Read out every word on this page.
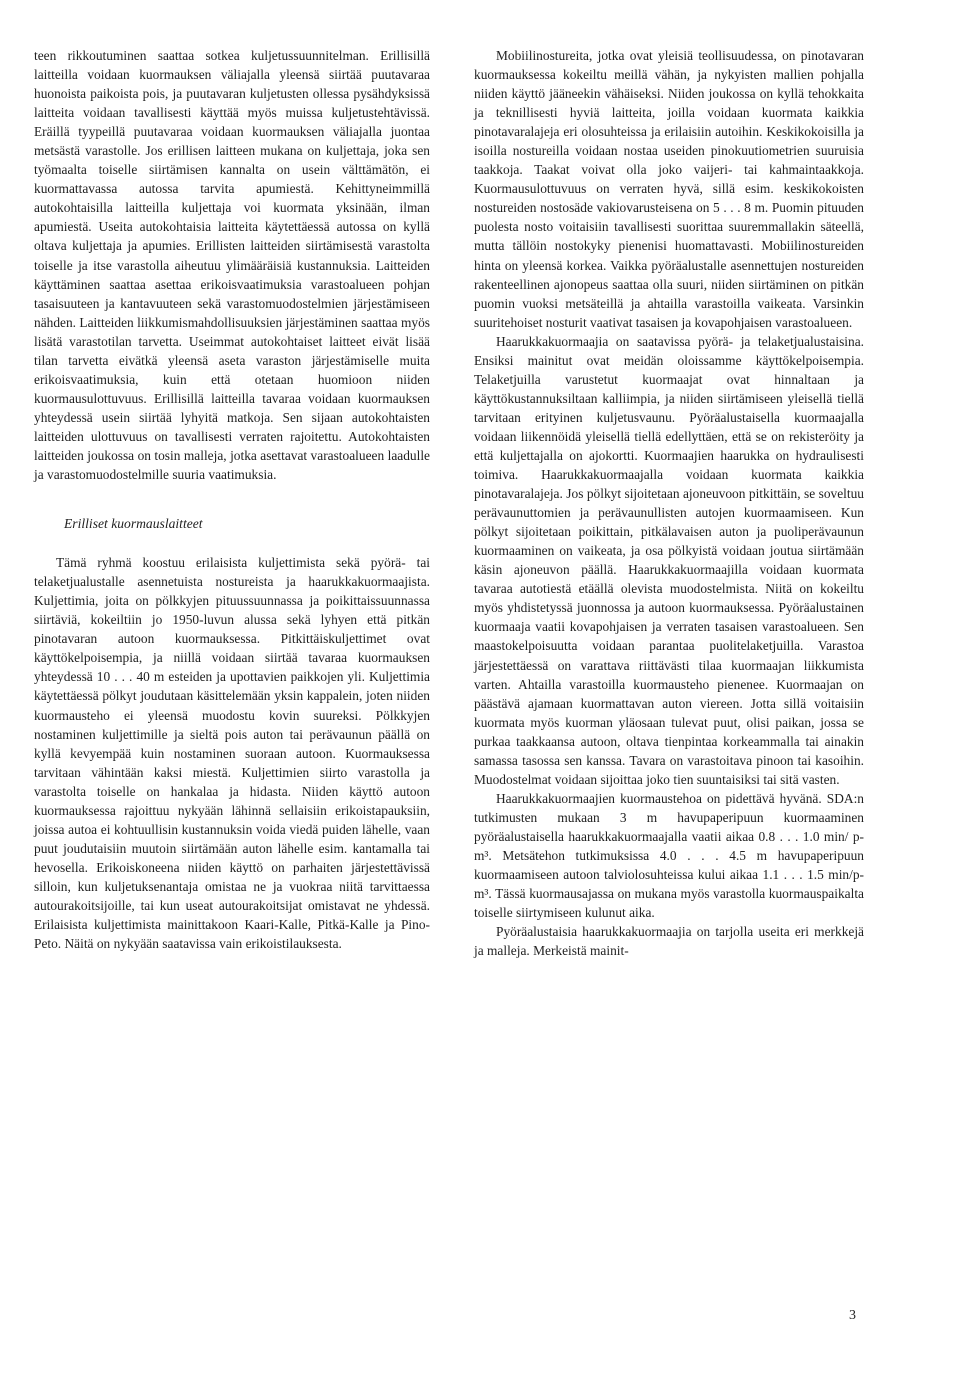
teen rikkoutuminen saattaa sotkea kuljetussuunnitelman. Erillisillä laitteilla voidaan kuormauksen väliajalla yleensä siirtää puutavaraa huonoista paikoista pois, ja puutavaran kuljetusten ollessa pysähdyksissä laitteita voidaan tavallisesti käyttää myös muissa kuljetustehtävissä. Eräillä tyypeillä puutavaraa voidaan kuormauksen väliajalla juontaa metsästä varastolle. Jos erillisen laitteen mukana on kuljettaja, joka sen työmaalta toiselle siirtämisen kannalta on usein välttämätön, ei kuormattavassa autossa tarvita apumiestä. Kehittyneimmillä autokohtaisilla laitteilla kuljettaja voi kuormata yksinään, ilman apumiestä. Useita autokohtaisia laitteita käytettäessä autossa on kyllä oltava kuljettaja ja apumies. Erillisten laitteiden siirtämisestä varastolta toiselle ja itse varastolla aiheutuu ylimääräisiä kustannuksia. Laitteiden käyttäminen saattaa asettaa erikoisvaatimuksia varastoalueen pohjan tasaisuuteen ja kantavuuteen sekä varastomuodostelmien järjestämiseen nähden. Laitteiden liikkumismahdollisuuksien järjestäminen saattaa myös lisätä varastotilan tarvetta. Useimmat autokohtaiset laitteet eivät lisää tilan tarvetta eivätkä yleensä aseta varaston järjestämiselle muita erikoisvaatimuksia, kuin että otetaan huomioon niiden kuormausulottuvuus. Erillisillä laitteilla tavaraa voidaan kuormauksen yhteydessä usein siirtää lyhyitä matkoja. Sen sijaan autokohtaisten laitteiden ulottuvuus on tavallisesti verraten rajoitettu. Autokohtaisten laitteiden joukossa on tosin malleja, jotka asettavat varastoalueen laadulle ja varastomuodostelmille suuria vaatimuksia.

Erilliset kuormauslaitteet

Tämä ryhmä koostuu erilaisista kuljettimista sekä pyörä- tai telaketjualustalle asennetuista nostureista ja haarukkakuormaajista. Kuljettimia, joita on pölkkyjen pituussuunnassa ja poikittaissuunnassa siirtäviä, kokeiltiin jo 1950-luvun alussa sekä lyhyen että pitkän pinotavaran autoon kuormauksessa. Pitkittäiskuljettimet ovat käyttökelpoisempia, ja niillä voidaan siirtää tavaraa kuormauksen yhteydessä 10 . . . 40 m esteiden ja upottavien paikkojen yli. Kuljettimia käytettäessä pölkyt joudutaan käsittelemään yksin kappalein, joten niiden kuormausteho ei yleensä muodostu kovin suureksi. Pölkkyjen nostaminen kuljettimille ja sieltä pois auton tai perävaunun päällä on kyllä kevyempää kuin nostaminen suoraan autoon. Kuormauksessa tarvitaan vähintään kaksi miestä. Kuljettimien siirto varastolla ja varastolta toiselle on hankalaa ja hidasta. Niiden käyttö autoon kuormauksessa rajoittuu nykyään lähinnä sellaisiin erikoistapauksiin, joissa autoa ei kohtuullisin kustannuksin voida viedä puiden lähelle, vaan puut joudutaisiin muutoin siirtämään auton lähelle esim. kantamalla tai hevosella. Erikoiskoneena niiden käyttö on parhaiten järjestettävissä silloin, kun kuljetuksenantaja omistaa ne ja vuokraa niitä tarvittaessa autourakoitsijoille, tai kun useat autourakoitsijat omistavat ne yhdessä. Erilaisista kuljettimista mainittakoon Kaari-Kalle, Pitkä-Kalle ja Pino-Peto. Näitä on nykyään saatavissa vain erikoistilauksesta.

Mobiilinostureita, jotka ovat yleisiä teollisuudessa, on pinotavaran kuormauksessa kokeiltu meillä vähän, ja nykyisten mallien pohjalla niiden käyttö jääneekin vähäiseksi. Niiden joukossa on kyllä tehokkaita ja teknillisesti hyviä laitteita, joilla voidaan kuormata kaikkia pinotavaralajeja eri olosuhteissa ja erilaisiin autoihin. Keskikokoisilla ja isoilla nostureilla voidaan nostaa useiden pinokuutiometrien suuruisia taakkoja. Taakat voivat olla joko vaijeri- tai kahmaintaakkoja. Kuormausulottuvuus on verraten hyvä, sillä esim. keskikokoisten nostureiden nostosäde vakiovarusteisena on 5 . . . 8 m. Puomin pituuden puolesta nosto voitaisiin tavallisesti suorittaa suuremmallakin säteellä, mutta tällöin nostokyky pienenisi huomattavasti. Mobiilinostureiden hinta on yleensä korkea. Vaikka pyöräalustalle asennettujen nostureiden rakenteellinen ajonopeus saattaa olla suuri, niiden siirtäminen on pitkän puomin vuoksi metsäteillä ja ahtailla varastoilla vaikeata. Varsinkin suuritehoiset nosturit vaativat tasaisen ja kovapohjaisen varastoalueen.

Haarukkakuormaajia on saatavissa pyörä- ja telaketjualustaisina. Ensiksi mainitut ovat meidän oloissamme käyttökelpoisempia. Telaketjuilla varustetut kuormaajat ovat hinnaltaan ja käyttökustannuksiltaan kalliimpia, ja niiden siirtämiseen yleisellä tiellä tarvitaan erityinen kuljetusvaunu. Pyöräalustaisella kuormaajalla voidaan liikennöidä yleisellä tiellä edellyttäen, että se on rekisteröity ja että kuljettajalla on ajokortti. Kuormaajien haarukka on hydraulisesti toimiva. Haarukkakuormaajalla voidaan kuormata kaikkia pinotavaralajeja. Jos pölkyt sijoitetaan ajoneuvoon pitkittäin, se soveltuu perävaunuttomien ja perävaunullisten autojen kuormaamiseen. Kun pölkyt sijoitetaan poikittain, pitkälavaisen auton ja puoliperävaunun kuormaaminen on vaikeata, ja osa pölkyistä voidaan joutua siirtämään käsin ajoneuvon päällä. Haarukkakuormaajilla voidaan kuormata tavaraa autotiestä etäällä olevista muodostelmista. Niitä on kokeiltu myös yhdistetyssä juonnossa ja autoon kuormauksessa. Pyöräalustainen kuormaaja vaatii kovapohjaisen ja verraten tasaisen varastoalueen. Sen maastokelpoisuutta voidaan parantaa puolitelaketjuilla. Varastoa järjestettäessä on varattava riittävästi tilaa kuormaajan liikkumista varten. Ahtailla varastoilla kuormausteho pienenee. Kuormaajan on päästävä ajamaan kuormattavan auton viereen. Jotta sillä voitaisiin kuormata myös kuorman yläosaan tulevat puut, olisi paikan, jossa se purkaa taakkaansa autoon, oltava tienpintaa korkeammalla tai ainakin samassa tasossa sen kanssa. Tavara on varastoitava pinoon tai kasoihin. Muodostelmat voidaan sijoittaa joko tien suuntaisiksi tai sitä vasten.

Haarukkakuormaajien kuormaustehoa on pidettävä hyvänä. SDA:n tutkimusten mukaan 3 m havupaperipuun kuormaaminen pyöräalustaisella haarukkakuormaajalla vaatii aikaa 0.8 . . . 1.0 min/ p-m³. Metsätehon tutkimuksissa 4.0 . . . 4.5 m havupaperipuun kuormaamiseen autoon talviolosuhteissa kului aikaa 1.1 . . . 1.5 min/p-m³. Tässä kuormausajassa on mukana myös varastolla kuormauspaikalta toiselle siirtymiseen kulunut aika.

Pyöräalustaisia haarukkakuormaajia on tarjolla useita eri merkkejä ja malleja. Merkeistä mainit-

3
